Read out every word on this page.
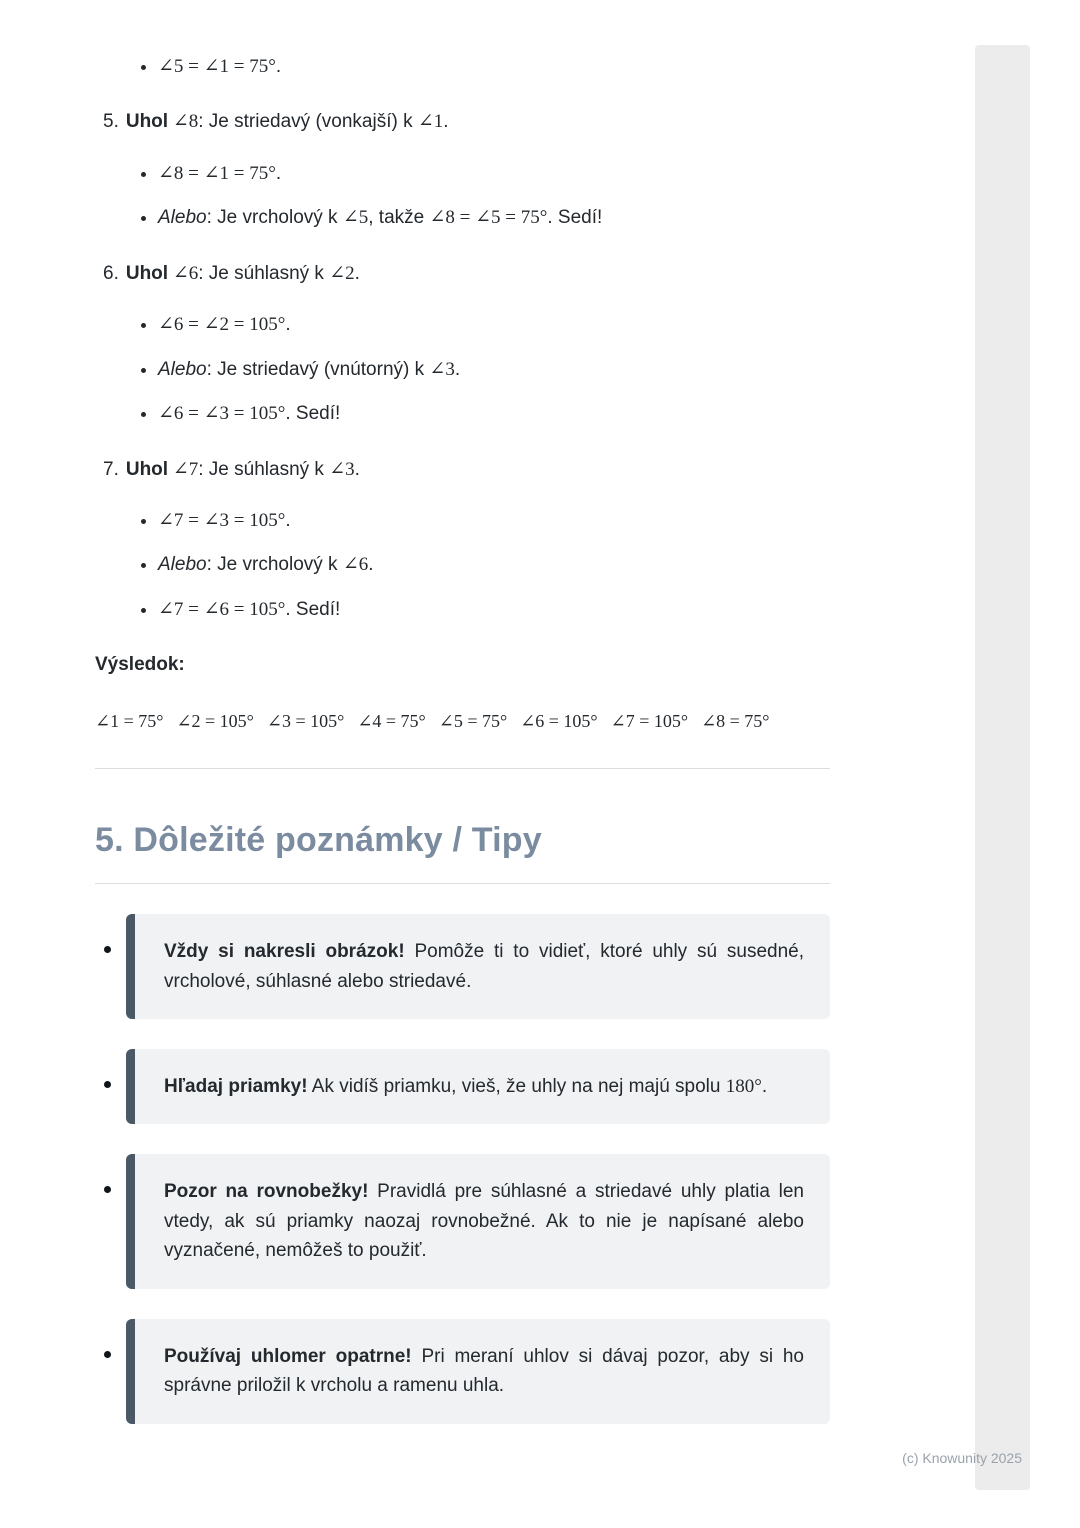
• ∠5 = ∠1 = 75°.
5. Uhol ∠8: Je striedavý (vonkajší) k ∠1.
• ∠8 = ∠1 = 75°.
• Alebo: Je vrcholový k ∠5, takže ∠8 = ∠5 = 75°. Sedí!
6. Uhol ∠6: Je súhlasný k ∠2.
• ∠6 = ∠2 = 105°.
• Alebo: Je striedavý (vnútorný) k ∠3.
• ∠6 = ∠3 = 105°. Sedí!
7. Uhol ∠7: Je súhlasný k ∠3.
• ∠7 = ∠3 = 105°.
• Alebo: Je vrcholový k ∠6.
• ∠7 = ∠6 = 105°. Sedí!

Výsledok:

∠1 = 75° ∠2 = 105° ∠3 = 105° ∠4 = 75° ∠5 = 75° ∠6 = 105° ∠7 = 105° ∠8 = 75°
5. Dôležité poznámky / Tipy

Vždy si nakresli obrázok! Pomôže ti to vidieť, ktoré uhly sú susedné, vrcholové, súhlasné alebo striedavé.

Hľadaj priamky! Ak vidíš priamku, vieš, že uhly na nej majú spolu 180°.

Pozor na rovnobežky! Pravidlá pre súhlasné a striedavé uhly platia len vtedy, ak sú priamky naozaj rovnobežné. Ak to nie je napísané alebo vyznačené, nemôžeš to použiť.

Používaj uhlomer opatrne! Pri meraní uhlov si dávaj pozor, aby si ho správne priložil k vrcholu a ramenu uhla.

(c) Knowunity 2025
